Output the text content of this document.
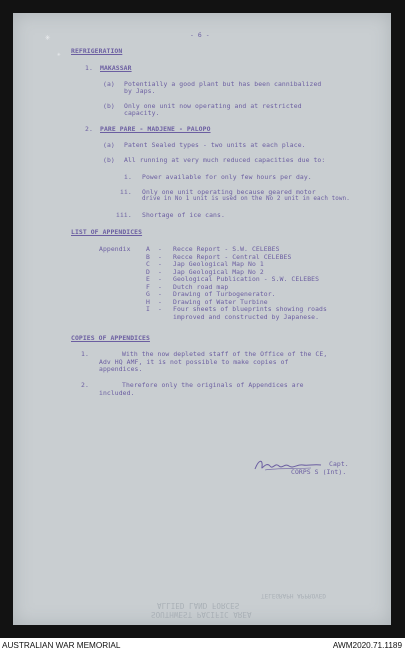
✳
✳
- 6 -
REFRIGERATION
1. MAKASSAR
(a) Potentially a good plant but has been cannibalized
by Japs.
(b) Only one unit now operating and at restricted
capacity.
2. PARE PARE - MADJENE - PALOPO
(a) Patent Sealed types - two units at each place.
(b) All running at very much reduced capacities due to:
i. Power available for only few hours per day.
ii. Only one unit operating because geared motor
drive in No 1 unit is used on the No 2 unit in each town.
iii. Shortage of ice cans.
LIST OF APPENDICES
Appendix A - Recce Report - S.W. CELEBES
B - Recce Report - Central CELEBES
C - Jap Geological Map No 1
D - Jap Geological Map No 2
E - Geological Publication - S.W. CELEBES
F - Dutch road map
G - Drawing of Turbogenerator.
H - Drawing of Water Turbine
I - Four sheets of blueprints showing roads
improved and constructed by Japanese.
COPIES OF APPENDICES
1.	With the now depleted staff of the Office of the CE,
Adv HQ AMF, it is not possible to make copies of
appendices.
2.	Therefore only the originals of Appendices are
included.
Capt.
CORPS S (Int).
TELEGRAPH APPROVED
SOUTHWEST PACIFIC AREA
ALLIED LAND FORCES
AUSTRALIAN WAR MEMORIAL	AWM2020.71.1189
